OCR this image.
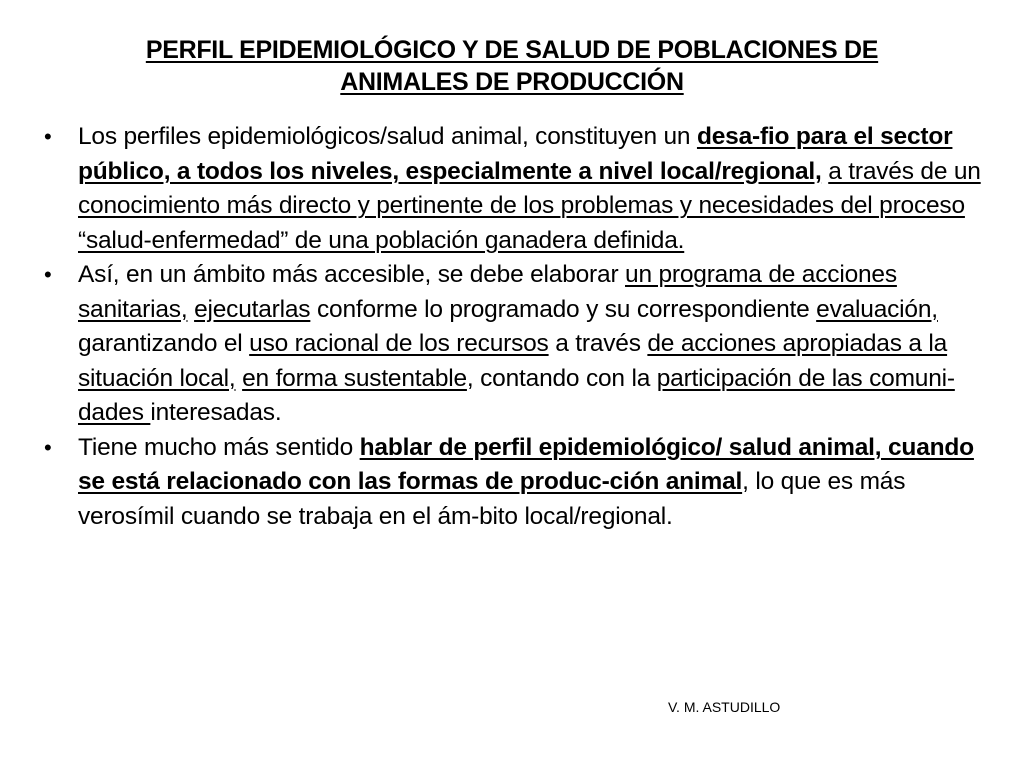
PERFIL EPIDEMIOLÓGICO Y DE SALUD DE POBLACIONES DE
ANIMALES DE PRODUCCIÓN
• Los perfiles epidemiológicos/salud animal, constituyen un desa-fio para el sector público, a todos los niveles, especialmente a nivel local/regional, a través de un conocimiento más directo y pertinente de los problemas y necesidades del proceso “salud-enfermedad” de una población ganadera definida.
• Así, en un ámbito más accesible, se debe elaborar un programa de acciones sanitarias, ejecutarlas conforme lo programado y su correspondiente evaluación, garantizando el uso racional de los recursos a través de acciones apropiadas a la situación local, en forma sustentable, contando con la participación de las comuni-dades interesadas.
• Tiene mucho más sentido hablar de perfil epidemiológico/ salud animal, cuando se está relacionado con las formas de produc-ción animal, lo que es más verosímil cuando se trabaja en el ám-bito local/regional.
V. M. ASTUDILLO
